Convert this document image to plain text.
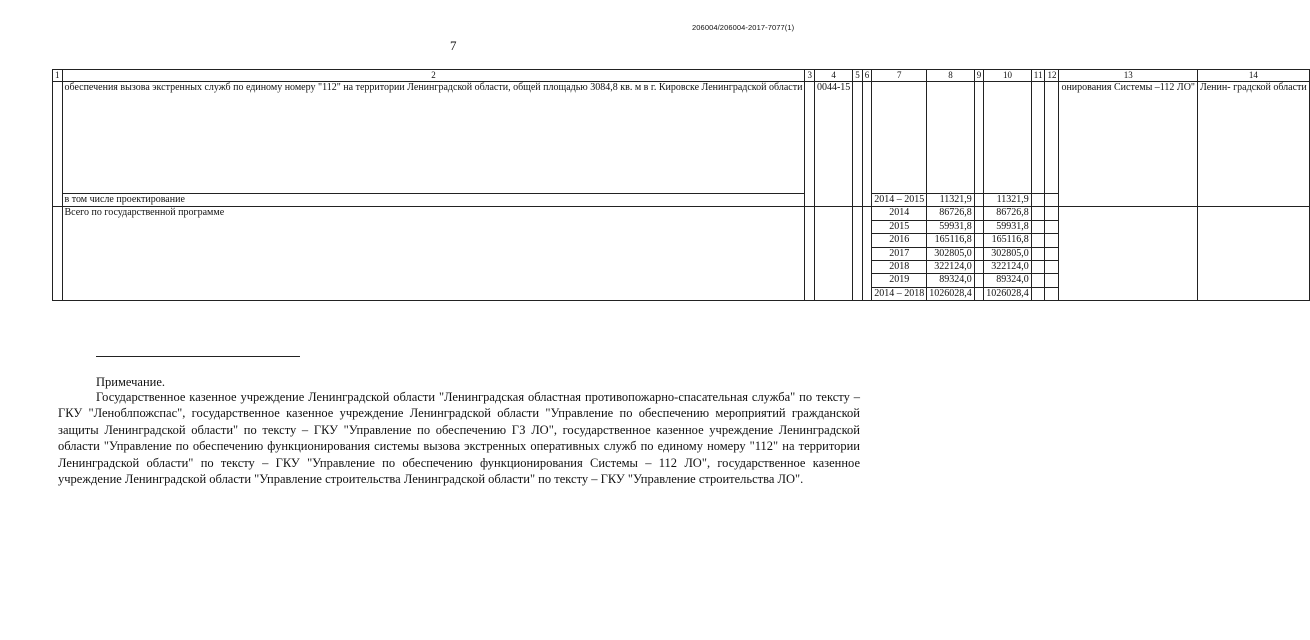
206004/206004-2017-7077(1)
7
1	2	3	4	5	6	7	8	9	10	11	12	13	14
	обеспечения вызова экстренных служб по единому номеру "112" на территории Ленинградской области, общей площадью 3084,8 кв. м в г. Кировске Ленинградской области		0044-15									онирования Системы –112 ЛО"	Ленин- градской области
	в том числе проектирование					2014 – 2015	11321,9		11321,9				
	Всего по государственной программе					2014	86726,8		86726,8				
						2015	59931,8		59931,8				
						2016	165116,8		165116,8				
						2017	302805,0		302805,0				
						2018	322124,0		322124,0				
						2019	89324,0		89324,0				
						2014 – 2018	1026028,4		1026028,4				
Примечание.
Государственное казенное учреждение Ленинградской области "Ленинградская областная противопожарно-спасательная служба" по тексту – ГКУ "Леноблпожспас", государственное казенное учреждение Ленинградской области "Управление по обеспечению мероприятий гражданской защиты Ленинградской области" по тексту – ГКУ "Управление по обеспечению ГЗ ЛО", государственное казенное учреждение Ленинградской области "Управление по обеспечению функционирования системы вызова экстренных оперативных служб по единому номеру "112" на территории Ленинградской области" по тексту – ГКУ "Управление по обеспечению функционирования Системы – 112 ЛО", государственное казенное учреждение Ленинградской области "Управление строительства Ленинградской области" по тексту – ГКУ "Управление строительства ЛО".
